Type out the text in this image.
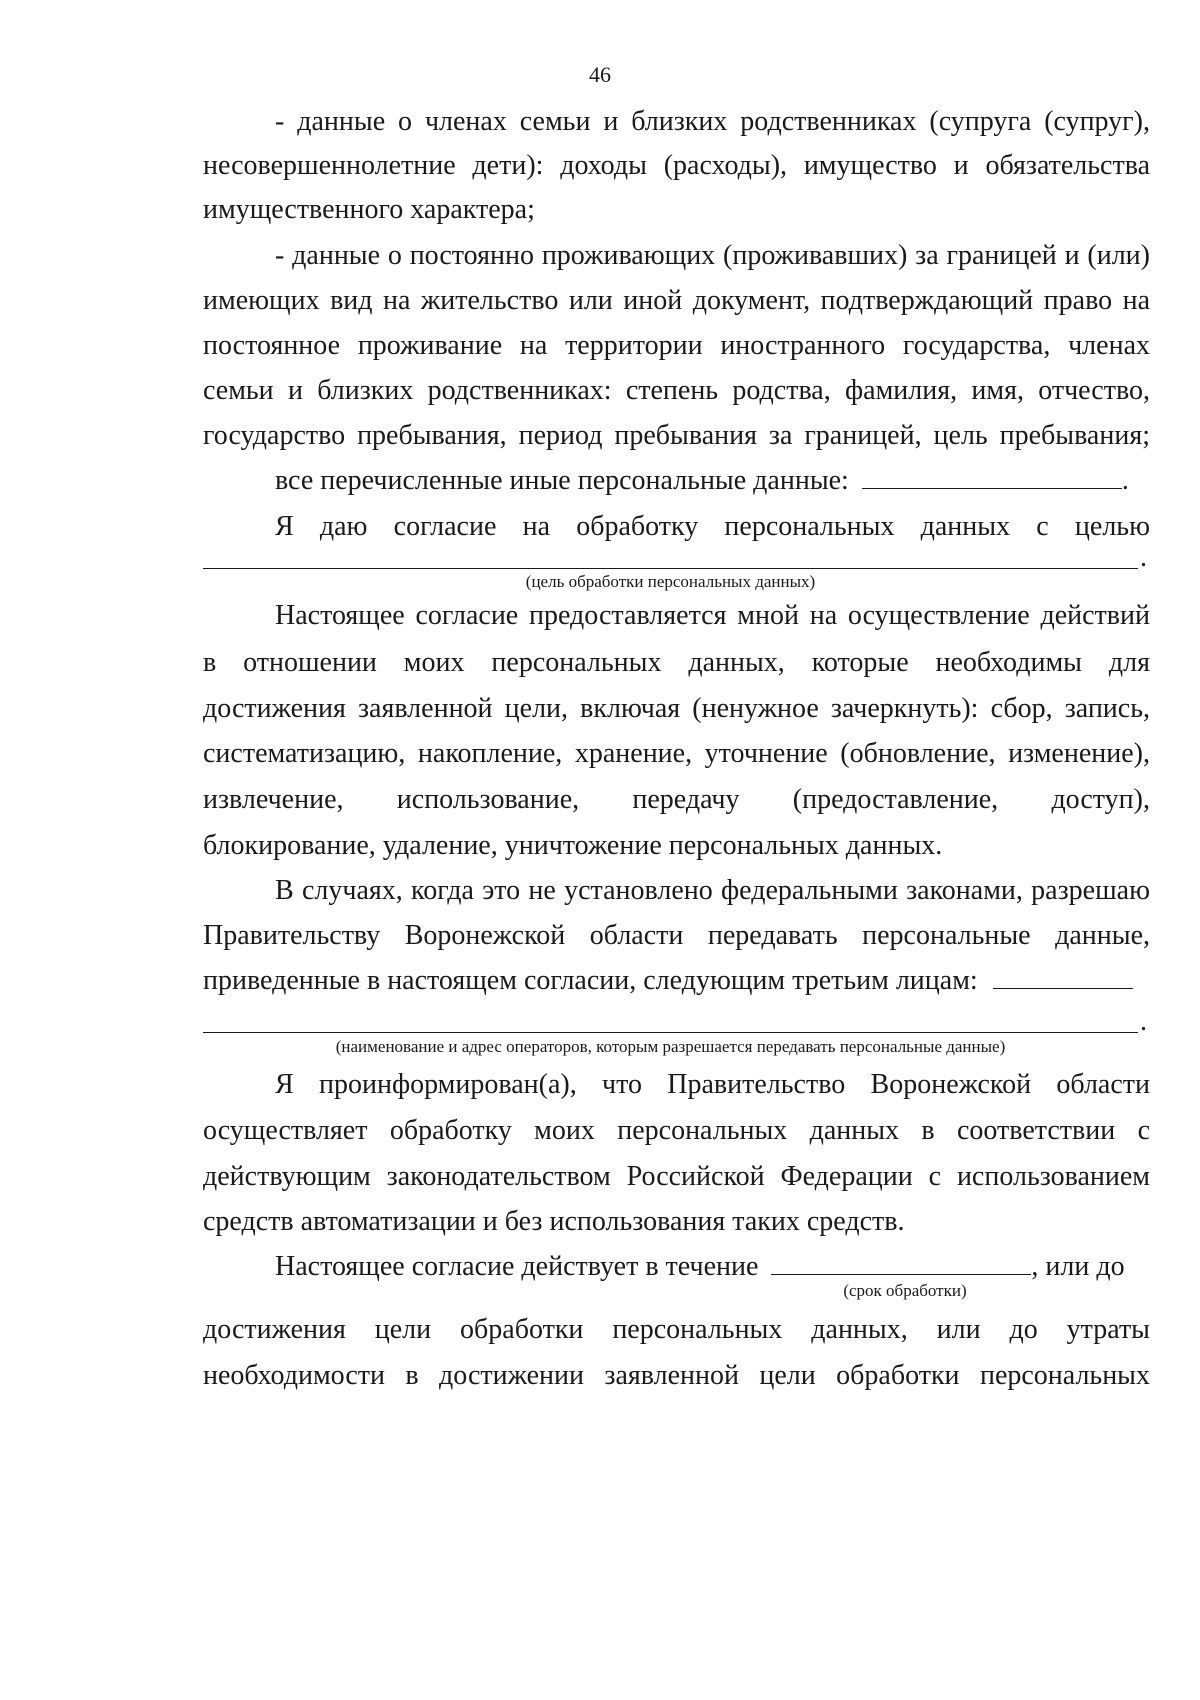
46
- данные о членах семьи и близких родственниках (супруга (супруг),
несовершеннолетние дети): доходы (расходы), имущество и обязательства
имущественного характера;
- данные о постоянно проживающих (проживавших) за границей и (или)
имеющих вид на жительство или иной документ, подтверждающий право на
постоянное проживание на территории иностранного государства, членах
семьи и близких родственниках: степень родства, фамилия, имя, отчество,
государство пребывания, период пребывания за границей, цель пребывания;
все перечисленные иные персональные данные:	.
Я даю согласие на обработку персональных данных с целью
.
(цель обработки персональных данных)
Настоящее согласие предоставляется мной на осуществление действий
в отношении моих персональных данных, которые необходимы для
достижения заявленной цели, включая (ненужное зачеркнуть): сбор, запись,
систематизацию, накопление, хранение, уточнение (обновление, изменение),
извлечение, использование, передачу (предоставление, доступ),
блокирование, удаление, уничтожение персональных данных.
В случаях, когда это не установлено федеральными законами, разрешаю
Правительству Воронежской области передавать персональные данные,
приведенные в настоящем согласии, следующим третьим лицам:
.
(наименование и адрес операторов, которым разрешается передавать персональные данные)
Я проинформирован(а), что Правительство Воронежской области
осуществляет обработку моих персональных данных в соответствии с
действующим законодательством Российской Федерации с использованием
средств автоматизации и без использования таких средств.
Настоящее согласие действует в течение	, или до
(срок обработки)
достижения цели обработки персональных данных, или до утраты
необходимости в достижении заявленной цели обработки персональных
